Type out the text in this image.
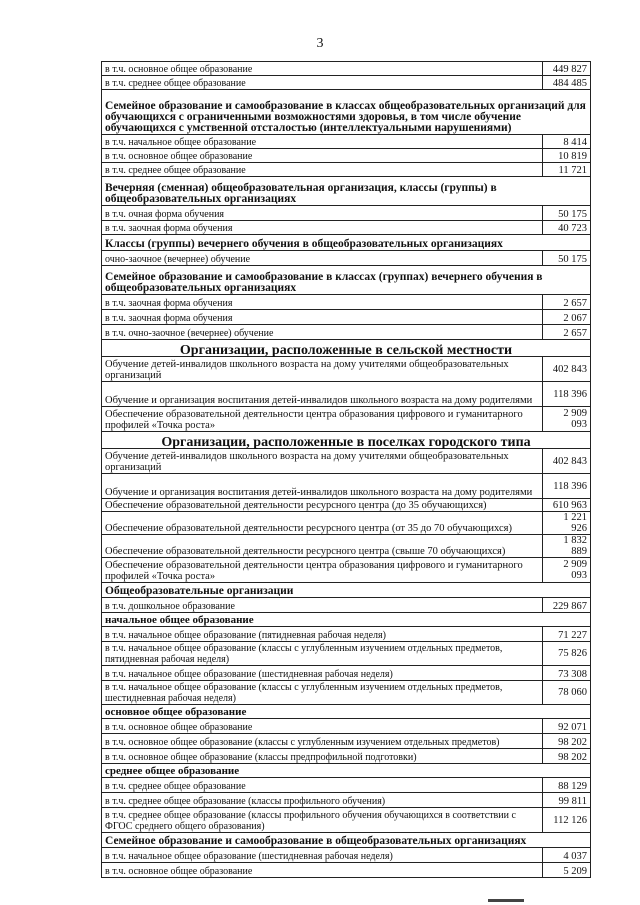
3
в т.ч. основное общее образование	449 827
в т.ч. среднее общее образование	484 485
Семейное образование и самообразование в классах общеобразовательных организаций для обучающихся с ограниченными возможностями здоровья, в том числе обучение обучающихся с умственной отсталостью (интеллектуальными нарушениями)	
в т.ч. начальное общее образование	8 414
в т.ч. основное общее образование	10 819
в т.ч. среднее общее образование	11 721
Вечерняя (сменная) общеобразовательная организация, классы (группы) в общеобразовательных организациях	
в т.ч. очная форма обучения	50 175
в т.ч. заочная форма обучения	40 723
Классы (группы) вечернего обучения в общеобразовательных организациях	
очно-заочное (вечернее) обучение	50 175
Семейное образование и самообразование в классах (группах) вечернего обучения в общеобразовательных организациях	
в т.ч. заочная форма обучения	2 657
в т.ч. заочная форма обучения	2 067
в т.ч. очно-заочное (вечернее) обучение	2 657
Организации, расположенные в сельской местности	
Обучение детей-инвалидов школьного возраста на дому учителями общеобразовательных организаций	402 843
Обучение и организация воспитания детей-инвалидов школьного возраста на дому родителями	118 396
Обеспечение образовательной деятельности центра образования цифрового и гуманитарного профилей «Точка роста»	2 909 093
Организации, расположенные в поселках городского типа	
Обучение детей-инвалидов школьного возраста на дому учителями общеобразовательных организаций	402 843
Обучение и организация воспитания детей-инвалидов школьного возраста на дому родителями	118 396
Обеспечение образовательной деятельности ресурсного центра (до 35 обучающихся)	610 963
Обеспечение образовательной деятельности ресурсного центра (от 35 до 70 обучающихся)	1 221 926
Обеспечение образовательной деятельности ресурсного центра (свыше 70 обучающихся)	1 832 889
Обеспечение образовательной деятельности центра образования цифрового и гуманитарного профилей «Точка роста»	2 909 093
Общеобразовательные организации	
в т.ч. дошкольное образование	229 867
начальное общее образование	
в т.ч. начальное общее образование (пятидневная рабочая неделя)	71 227
в т.ч. начальное общее образование (классы с углубленным изучением отдельных предметов, пятидневная рабочая неделя)	75 826
в т.ч. начальное общее образование (шестидневная рабочая неделя)	73 308
в т.ч. начальное общее образование (классы с углубленным изучением отдельных предметов, шестидневная рабочая неделя)	78 060
основное общее образование	
в т.ч. основное общее образование	92 071
в т.ч. основное общее образование (классы с углубленным изучением отдельных предметов)	98 202
в т.ч. основное общее образование (классы предпрофильной подготовки)	98 202
среднее общее образование	
в т.ч. среднее общее образование	88 129
в т.ч. среднее общее образование (классы профильного обучения)	99 811
в т.ч. среднее общее образование (классы профильного обучения обучающихся в соответствии с ФГОС среднего общего образования)	112 126
Семейное образование и самообразование в общеобразовательных организациях	
в т.ч. начальное общее образование (шестидневная рабочая неделя)	4 037
в т.ч. основное общее образование	5 209
